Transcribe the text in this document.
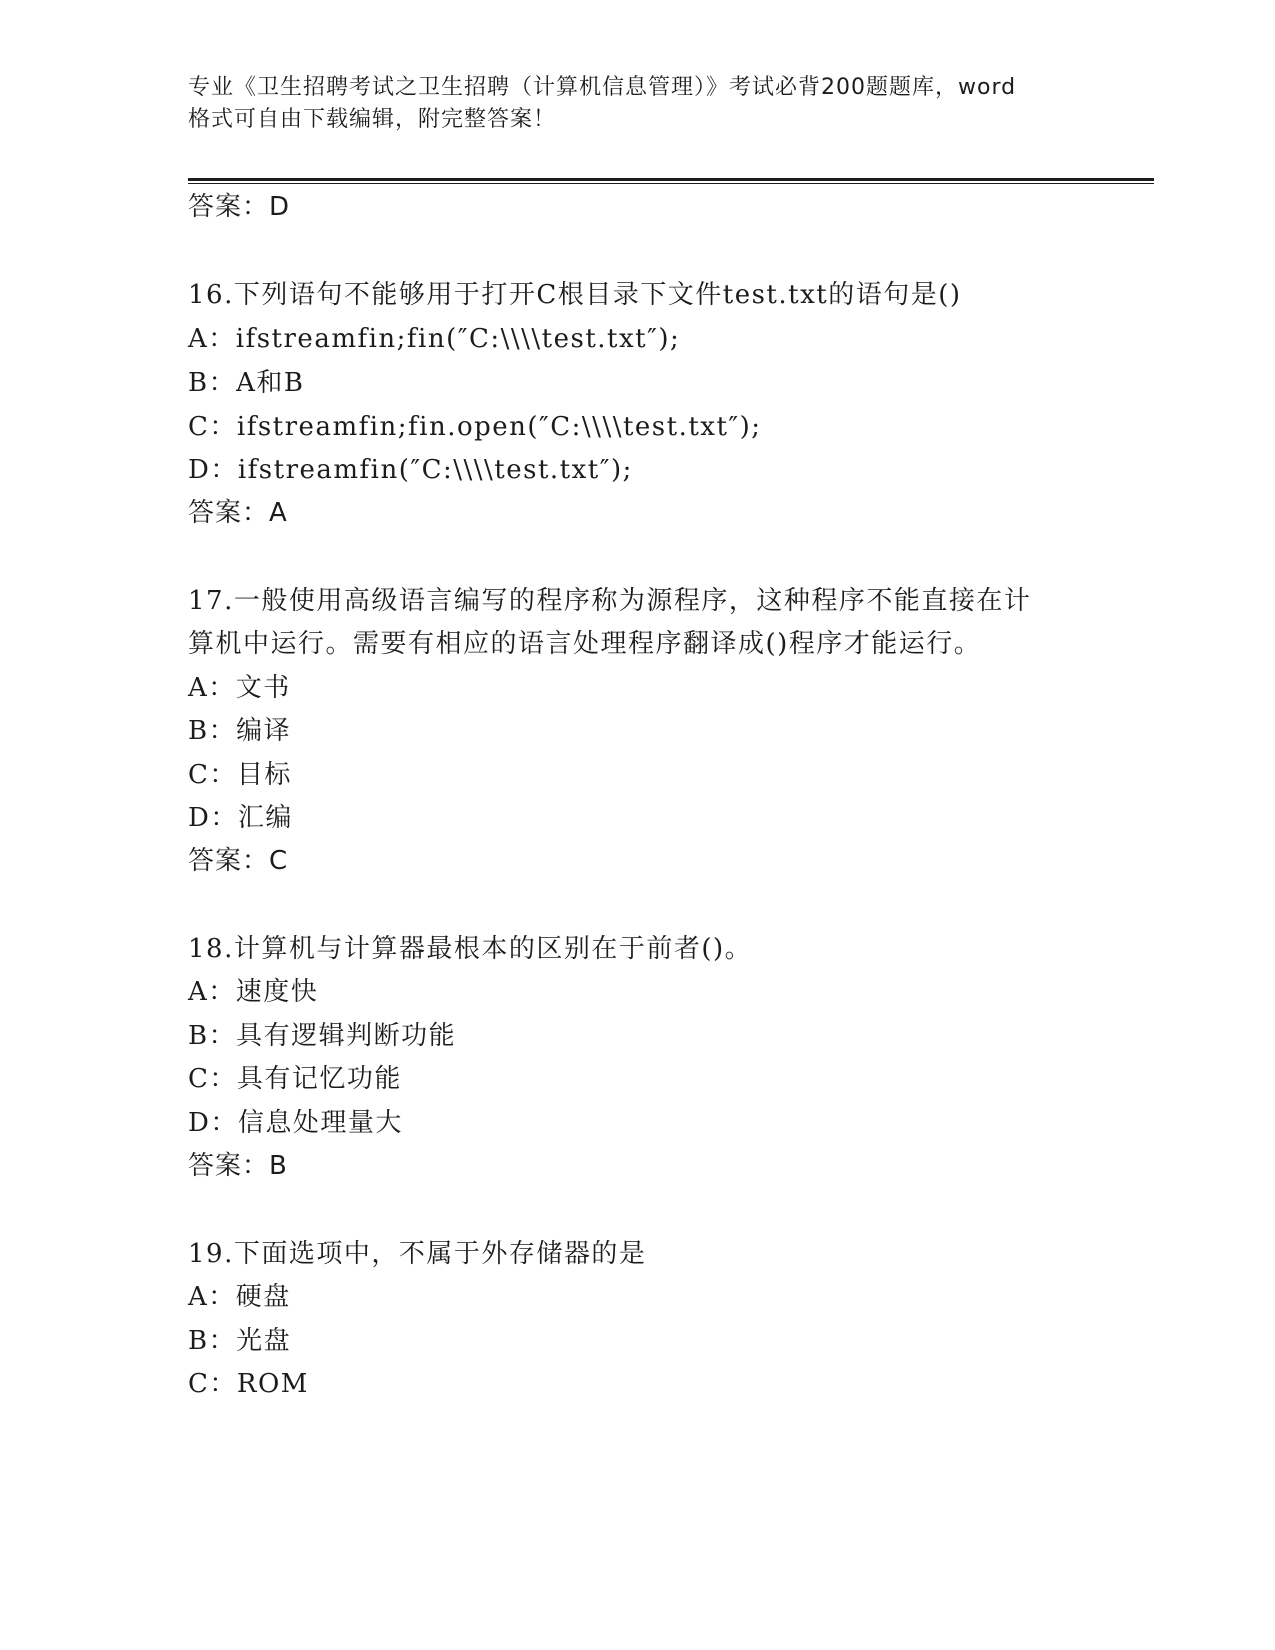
专业《卫生招聘考试之卫生招聘（计算机信息管理）》考试必背200题题库，word
格式可自由下载编辑，附完整答案！
答案：D
16.下列语句不能够用于打开C根目录下文件test.txt的语句是()
A：ifstreamfin;fin(″C:\\\\test.txt″);
B：A和B
C：ifstreamfin;fin.open(″C:\\\\test.txt″);
D：ifstreamfin(″C:\\\\test.txt″);
答案：A
17.一般使用高级语言编写的程序称为源程序，这种程序不能直接在计
算机中运行。需要有相应的语言处理程序翻译成()程序才能运行。
A：文书
B：编译
C：目标
D：汇编
答案：C
18.计算机与计算器最根本的区别在于前者()。
A：速度快
B：具有逻辑判断功能
C：具有记忆功能
D：信息处理量大
答案：B
19.下面选项中，不属于外存储器的是
A：硬盘
B：光盘
C：ROM
